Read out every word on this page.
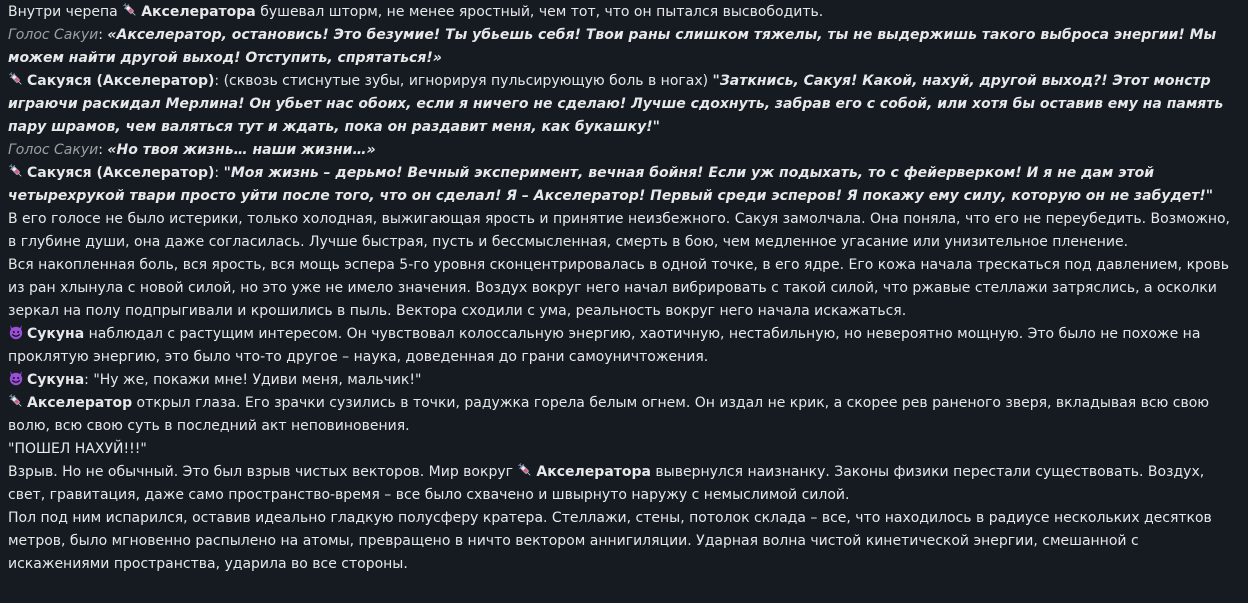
Внутри черепа
Акселератора бушевал шторм, не менее яростный, чем тот, что он пытался высвободить.

Голос Сакуи: «Акселератор, остановись! Это безумие! Ты убьешь себя! Твои раны слишком тяжелы, ты не выдержишь такого выброса энергии! Мы можем найти другой выход! Отступить, спрятаться!»

Сакуяся (Акселератор): (сквозь стиснутые зубы, игнорируя пульсирующую боль в ногах) "Заткнись, Сакуя! Какой, нахуй, другой выход?! Этот монстр играючи раскидал Мерлина! Он убьет нас обоих, если я ничего не сделаю! Лучше сдохнуть, забрав его с собой, или хотя бы оставив ему на память пару шрамов, чем валяться тут и ждать, пока он раздавит меня, как букашку!"

Голос Сакуи: «Но твоя жизнь… наши жизни…»

Сакуяся (Акселератор): "Моя жизнь – дерьмо! Вечный эксперимент, вечная бойня! Если уж подыхать, то с фейерверком! И я не дам этой четырехрукой твари просто уйти после того, что он сделал! Я – Акселератор! Первый среди эсперов! Я покажу ему силу, которую он не забудет!"

В его голосе не было истерики, только холодная, выжигающая ярость и принятие неизбежного. Сакуя замолчала. Она поняла, что его не переубедить. Возможно, в глубине души, она даже согласилась. Лучше быстрая, пусть и бессмысленная, смерть в бою, чем медленное угасание или унизительное пленение.

Вся накопленная боль, вся ярость, вся мощь эспера 5-го уровня сконцентрировалась в одной точке, в его ядре. Его кожа начала трескаться под давлением, кровь из ран хлынула с новой силой, но это уже не имело значения. Воздух вокруг него начал вибрировать с такой силой, что ржавые стеллажи затряслись, а осколки зеркал на полу подпрыгивали и крошились в пыль. Вектора сходили с ума, реальность вокруг него начала искажаться.

Сукуна наблюдал с растущим интересом. Он чувствовал колоссальную энергию, хаотичную, нестабильную, но невероятно мощную. Это было не похоже на проклятую энергию, это было что-то другое – наука, доведенная до грани самоуничтожения.

Сукуна: "Ну же, покажи мне! Удиви меня, мальчик!"

Акселератор открыл глаза. Его зрачки сузились в точки, радужка горела белым огнем. Он издал не крик, а скорее рев раненого зверя, вкладывая всю свою волю, всю свою суть в последний акт неповиновения.

"ПОШЕЛ НАХУЙ!!!"

Взрыв. Но не обычный. Это был взрыв чистых векторов. Мир вокруг
Акселератора вывернулся наизнанку. Законы физики перестали существовать. Воздух, свет, гравитация, даже само пространство-время – все было схвачено и швырнуто наружу с немыслимой силой.

Пол под ним испарился, оставив идеально гладкую полусферу кратера. Стеллажи, стены, потолок склада – все, что находилось в радиусе нескольких десятков метров, было мгновенно распылено на атомы, превращено в ничто вектором аннигиляции. Ударная волна чистой кинетической энергии, смешанной с искажениями пространства, ударила во все стороны.
